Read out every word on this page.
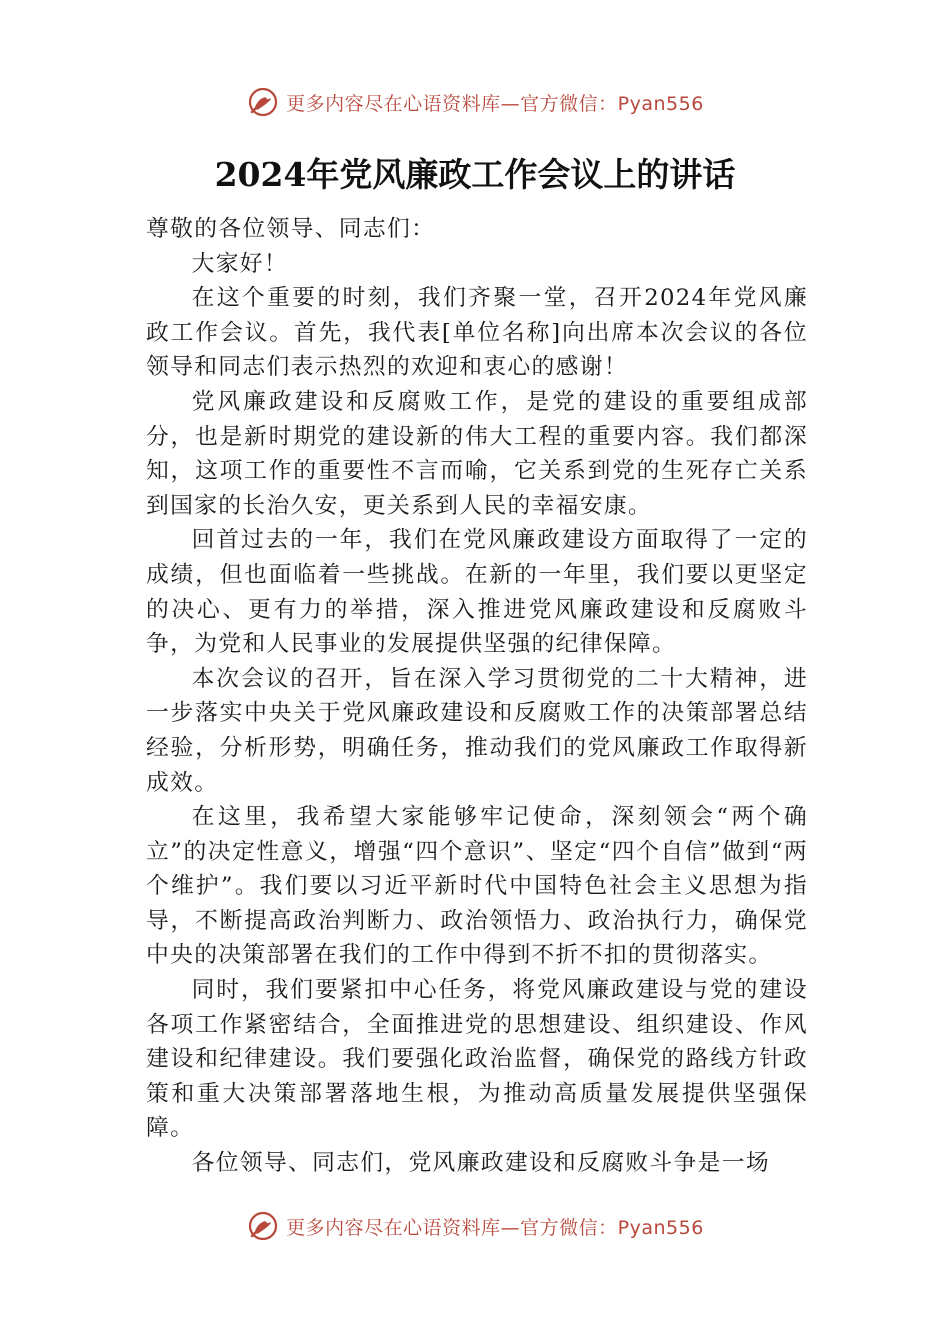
更多内容尽在心语资料库—官方微信：Pyan556
2024年党风廉政工作会议上的讲话

尊敬的各位领导、同志们：

大家好！

在这个重要的时刻，我们齐聚一堂，召开2024年党风廉政工作会议。首先，我代表[单位名称]向出席本次会议的各位领导和同志们表示热烈的欢迎和衷心的感谢！

党风廉政建设和反腐败工作，是党的建设的重要组成部分，也是新时期党的建设新的伟大工程的重要内容。我们都深知，这项工作的重要性不言而喻，它关系到党的生死存亡关系到国家的长治久安，更关系到人民的幸福安康。

回首过去的一年，我们在党风廉政建设方面取得了一定的成绩，但也面临着一些挑战。在新的一年里，我们要以更坚定的决心、更有力的举措，深入推进党风廉政建设和反腐败斗争，为党和人民事业的发展提供坚强的纪律保障。

本次会议的召开，旨在深入学习贯彻党的二十大精神，进一步落实中央关于党风廉政建设和反腐败工作的决策部署总结经验，分析形势，明确任务，推动我们的党风廉政工作取得新成效。

在这里，我希望大家能够牢记使命，深刻领会“两个确立”的决定性意义，增强“四个意识”、坚定“四个自信”做到“两个维护”。我们要以习近平新时代中国特色社会主义思想为指导，不断提高政治判断力、政治领悟力、政治执行力，确保党中央的决策部署在我们的工作中得到不折不扣的贯彻落实。

同时，我们要紧扣中心任务，将党风廉政建设与党的建设各项工作紧密结合，全面推进党的思想建设、组织建设、作风建设和纪律建设。我们要强化政治监督，确保党的路线方针政策和重大决策部署落地生根，为推动高质量发展提供坚强保障。

各位领导、同志们，党风廉政建设和反腐败斗争是一场

更多内容尽在心语资料库—官方微信：Pyan556
